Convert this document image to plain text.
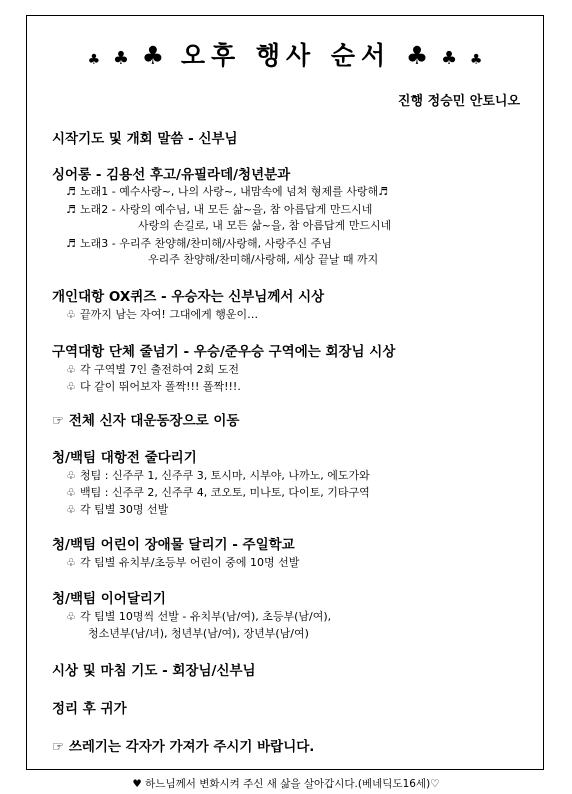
♣ ♣ ♣ 오후 행사 순서 ♣ ♣ ♣
진행 정승민 안토니오
시작기도 및 개회 말씀 - 신부님
싱어롱 - 김용선 후고/유필라데/청년분과
♬ 노래1 - 예수사랑~, 나의 사랑~, 내맘속에 넘쳐 형제를 사랑해♬
♬ 노래2 - 사랑의 예수님, 내 모든 삶~을, 참 아름답게 만드시네
사랑의 손길로, 내 모든 삶~을, 참 아름답게 만드시네
♬ 노래3 - 우리주 찬양해/찬미해/사랑해, 사랑주신 주님
우리주 찬양해/찬미해/사랑해, 세상 끝날 때 까지
개인대항 OX퀴즈 - 우승자는 신부님께서 시상
♧ 끝까지 남는 자여! 그대에게 행운이…
구역대항 단체 줄넘기 - 우승/준우승 구역에는 회장님 시상
♧ 각 구역별 7인 출전하여 2회 도전
♧ 다 같이 뛰어보자 폴짝!!! 폴짝!!!.
☞ 전체 신자 대운동장으로 이동
청/백팀 대항전 줄다리기
♧ 청팀 : 신주쿠 1, 신주쿠 3, 토시마, 시부야, 나까노, 에도가와
♧ 백팀 : 신주쿠 2, 신주쿠 4, 코오토, 미나토, 다이토, 기타구역
♧ 각 팀별 30명 선발
청/백팀 어린이 장애물 달리기 - 주일학교
♧ 각 팀별 유치부/초등부 어린이 중에 10명 선발
청/백팀 이어달리기
♧ 각 팀별 10명씩 선발 - 유치부(남/여), 초등부(남/여),
청소년부(남/녀), 청년부(남/여), 장년부(남/여)
시상 및 마침 기도 - 회장님/신부님
정리 후 귀가
☞ 쓰레기는 각자가 가져가 주시기 바랍니다.
♥ 하느님께서 변화시켜 주신 새 삶을 살아갑시다.(베네딕도16세)♡
